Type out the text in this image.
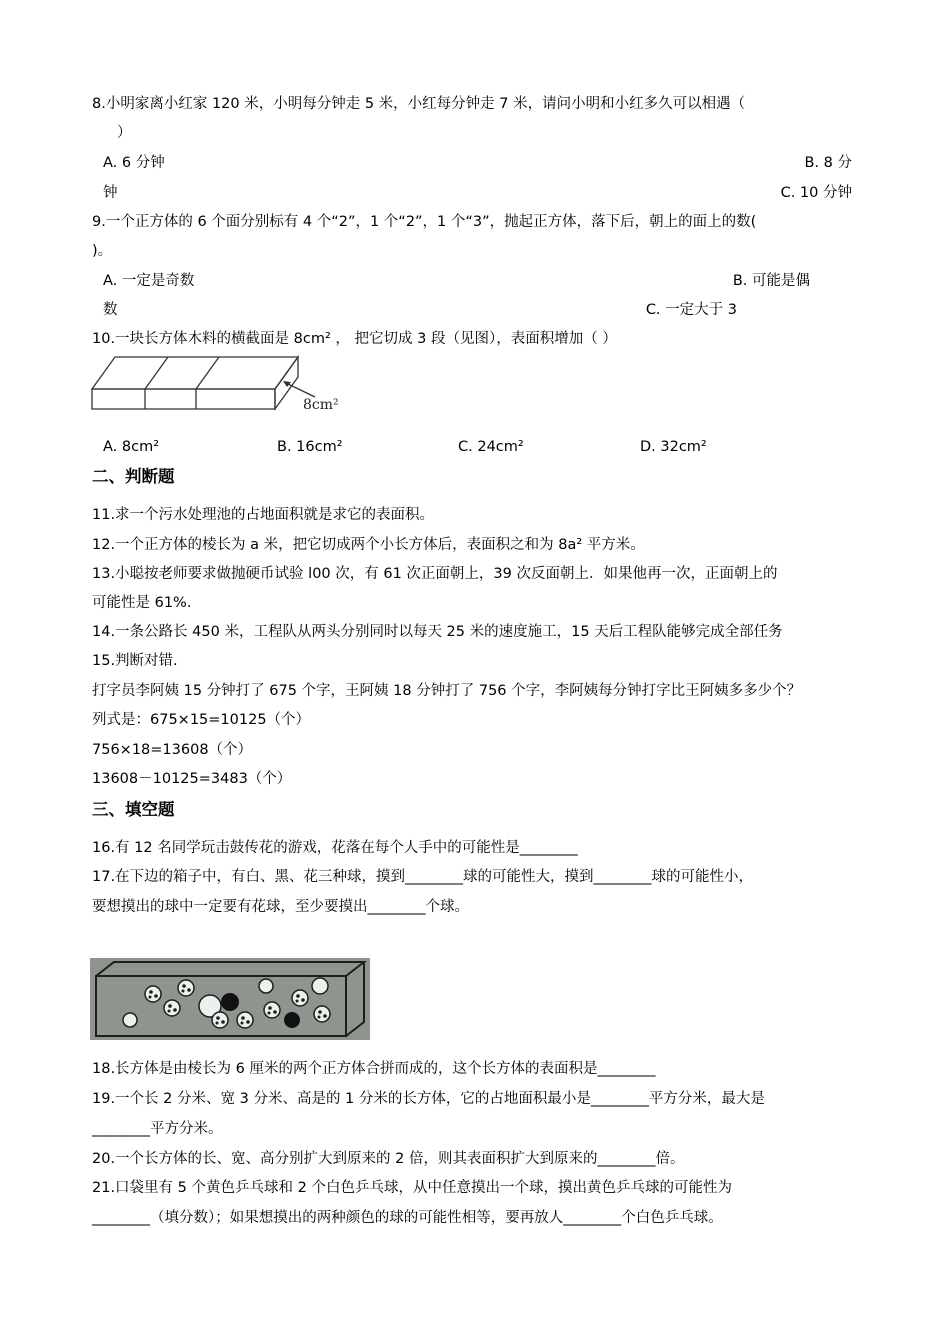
8.小明家离小红家 120 米，小明每分钟走 5 米，小红每分钟走 7 米，请问小明和小红多久可以相遇（
）
A. 6 分钟	B. 8 分
钟	C. 10 分钟
9.一个正方体的 6 个面分别标有 4 个“2”，1 个“2”，1 个“3”，抛起正方体，落下后，朝上的面上的数(
)。
A. 一定是奇数	B. 可能是偶
数	C. 一定大于 3
10.一块长方体木料的横截面是 8cm² ， 把它切成 3 段（见图），表面积增加（ ）
8cm²
A. 8cm²	B. 16cm²	C. 24cm²	D. 32cm²
二、判断题
11.求一个污水处理池的占地面积就是求它的表面积。
12.一个正方体的棱长为 a 米，把它切成两个小长方体后，表面积之和为 8a² 平方米。
13.小聪按老师要求做抛硬币试验 l00 次，有 61 次正面朝上，39 次反面朝上．如果他再一次，正面朝上的
可能性是 61%.
14.一条公路长 450 米，工程队从两头分别同时以每天 25 米的速度施工，15 天后工程队能够完成全部任务
15.判断对错.
打字员李阿姨 15 分钟打了 675 个字，王阿姨 18 分钟打了 756 个字，李阿姨每分钟打字比王阿姨多多少个？
列式是：675×15=10125（个）
756×18=13608（个）
13608－10125=3483（个）
三、填空题
16.有 12 名同学玩击鼓传花的游戏，花落在每个人手中的可能性是________
17.在下边的箱子中，有白、黑、花三种球，摸到________球的可能性大，摸到________球的可能性小，
要想摸出的球中一定要有花球，至少要摸出________个球。
18.长方体是由棱长为 6 厘米的两个正方体合拼而成的，这个长方体的表面积是________
19.一个长 2 分米、宽 3 分米、高是的 1 分米的长方体，它的占地面积最小是________平方分米，最大是
________平方分米。
20.一个长方体的长、宽、高分别扩大到原来的 2 倍，则其表面积扩大到原来的________倍。
21.口袋里有 5 个黄色乒乓球和 2 个白色乒乓球，从中任意摸出一个球，摸出黄色乒乓球的可能性为
________（填分数）；如果想摸出的两种颜色的球的可能性相等，要再放人________个白色乒乓球。
